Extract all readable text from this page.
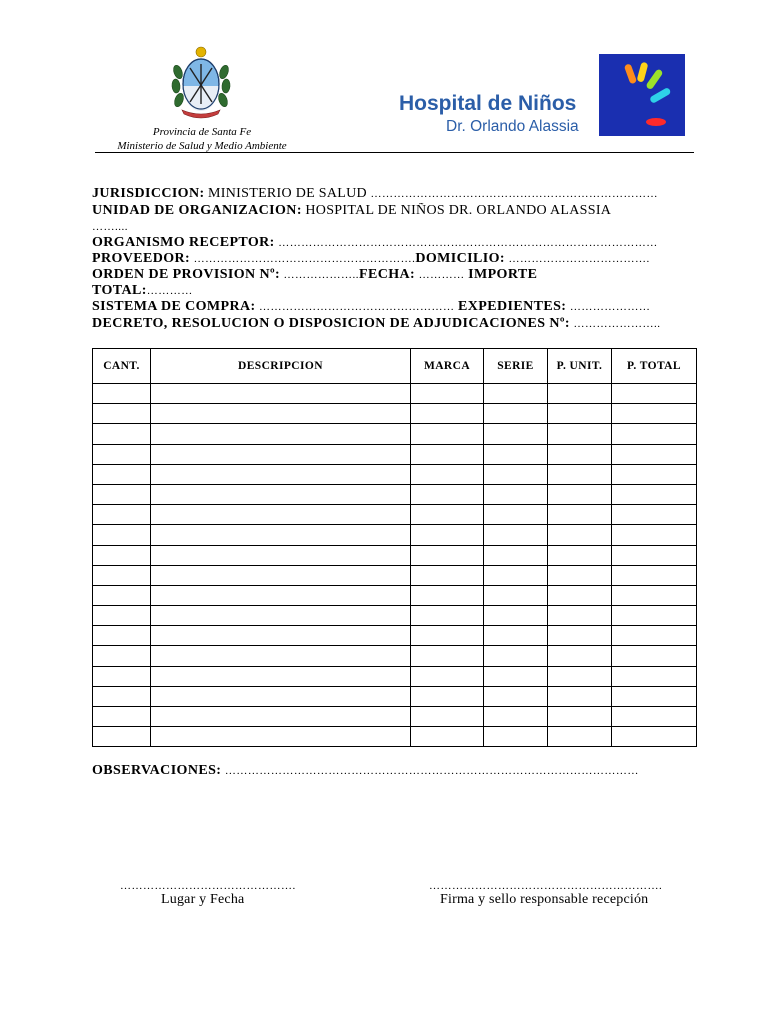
Provincia de Santa Fe
Ministerio de Salud y Medio Ambiente
Hospital de Niños
Dr. Orlando Alassia
JURISDICCION: MINISTERIO DE SALUD …………………………………………………………………
UNIDAD DE ORGANIZACION: HOSPITAL DE NIÑOS DR. ORLANDO ALASSIA
……....
ORGANISMO RECEPTOR: ………………………………………………………………………………………
PROVEEDOR: ………………………………………………….DOMICILIO: ……………………………….
ORDEN DE PROVISION Nº: ………………..FECHA: ………… IMPORTE
TOTAL:…………
SISTEMA DE COMPRA: …………………………………………… EXPEDIENTES: …………………
DECRETO, RESOLUCION O DISPOSICION DE ADJUDICACIONES Nº: …………………..
CANT.	DESCRIPCION	MARCA	SERIE	P. UNIT.	P. TOTAL

OBSERVACIONES: ………………………………………………………………………………………………
……………………………………….
Lugar y Fecha
…………………………………………………….
Firma y sello responsable recepción
